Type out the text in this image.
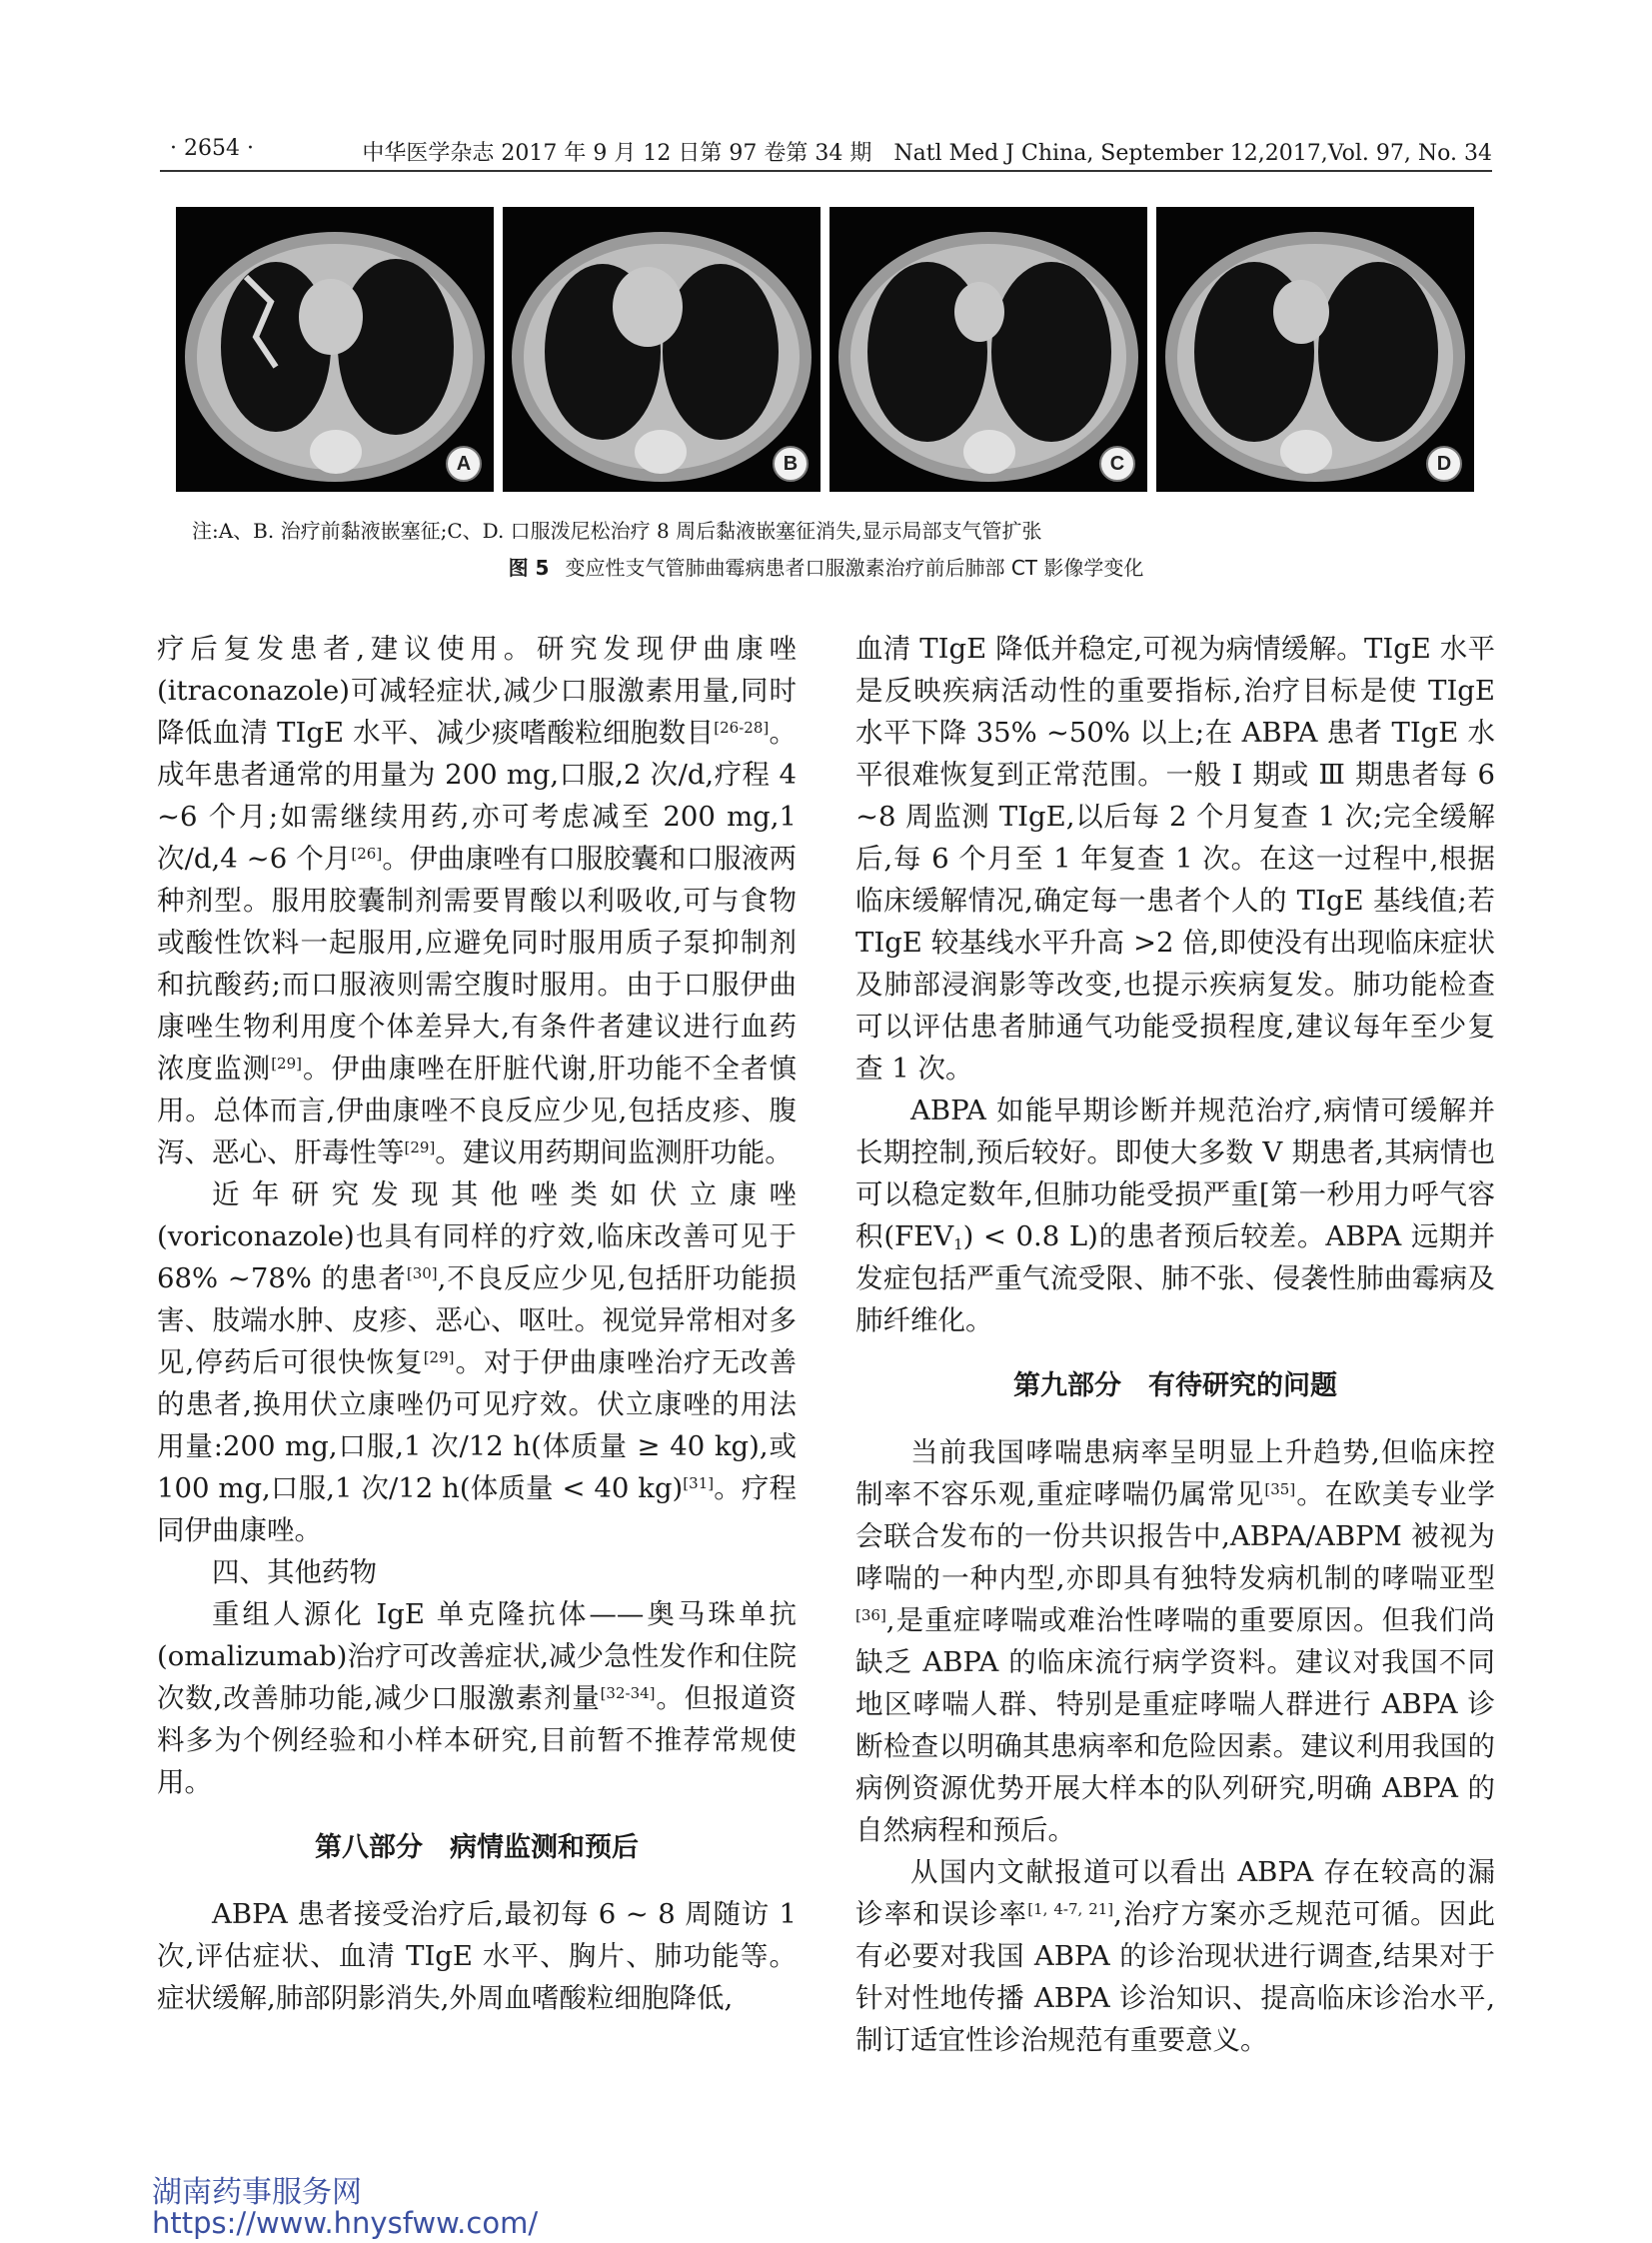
· 2654 ·	中华医学杂志 2017 年 9 月 12 日第 97 卷第 34 期　Natl Med J China, September 12,2017,Vol. 97, No. 34
A	B	C	D
注:A、B. 治疗前黏液嵌塞征;C、D. 口服泼尼松治疗 8 周后黏液嵌塞征消失,显示局部支气管扩张
图 5 变应性支气管肺曲霉病患者口服激素治疗前后肺部 CT 影像学变化

疗后复发患者,建议使用。研究发现伊曲康唑(itraconazole)可减轻症状,减少口服激素用量,同时降低血清 TIgE 水平、减少痰嗜酸粒细胞数目[26-28]。成年患者通常的用量为 200 mg,口服,2 次/d,疗程 4 ~6 个月;如需继续用药,亦可考虑减至 200 mg,1 次/d,4 ~6 个月[26]。伊曲康唑有口服胶囊和口服液两种剂型。服用胶囊制剂需要胃酸以利吸收,可与食物或酸性饮料一起服用,应避免同时服用质子泵抑制剂和抗酸药;而口服液则需空腹时服用。由于口服伊曲康唑生物利用度个体差异大,有条件者建议进行血药浓度监测[29]。伊曲康唑在肝脏代谢,肝功能不全者慎用。总体而言,伊曲康唑不良反应少见,包括皮疹、腹泻、恶心、肝毒性等[29]。建议用药期间监测肝功能。

近年研究发现其他唑类如伏立康唑(voriconazole)也具有同样的疗效,临床改善可见于 68% ~78% 的患者[30],不良反应少见,包括肝功能损害、肢端水肿、皮疹、恶心、呕吐。视觉异常相对多见,停药后可很快恢复[29]。对于伊曲康唑治疗无改善的患者,换用伏立康唑仍可见疗效。伏立康唑的用法用量:200 mg,口服,1 次/12 h(体质量 ≥ 40 kg),或 100 mg,口服,1 次/12 h(体质量 < 40 kg)[31]。疗程同伊曲康唑。

四、其他药物

重组人源化 IgE 单克隆抗体——奥马珠单抗(omalizumab)治疗可改善症状,减少急性发作和住院次数,改善肺功能,减少口服激素剂量[32-34]。但报道资料多为个例经验和小样本研究,目前暂不推荐常规使用。

第八部分　病情监测和预后

ABPA 患者接受治疗后,最初每 6 ~ 8 周随访 1 次,评估症状、血清 TIgE 水平、胸片、肺功能等。症状缓解,肺部阴影消失,外周血嗜酸粒细胞降低,

血清 TIgE 降低并稳定,可视为病情缓解。TIgE 水平是反映疾病活动性的重要指标,治疗目标是使 TIgE 水平下降 35% ~50% 以上;在 ABPA 患者 TIgE 水平很难恢复到正常范围。一般 Ⅰ 期或 Ⅲ 期患者每 6 ~8 周监测 TIgE,以后每 2 个月复查 1 次;完全缓解后,每 6 个月至 1 年复查 1 次。在这一过程中,根据临床缓解情况,确定每一患者个人的 TIgE 基线值;若 TIgE 较基线水平升高 >2 倍,即使没有出现临床症状及肺部浸润影等改变,也提示疾病复发。肺功能检查可以评估患者肺通气功能受损程度,建议每年至少复查 1 次。

ABPA 如能早期诊断并规范治疗,病情可缓解并长期控制,预后较好。即使大多数 Ⅴ 期患者,其病情也可以稳定数年,但肺功能受损严重[第一秒用力呼气容积$(FEV_1) < 0.8$ L)的患者预后较差。ABPA 远期并发症包括严重气流受限、肺不张、侵袭性肺曲霉病及肺纤维化。

第九部分　有待研究的问题

当前我国哮喘患病率呈明显上升趋势,但临床控制率不容乐观,重症哮喘仍属常见[35]。在欧美专业学会联合发布的一份共识报告中,ABPA/ABPM 被视为哮喘的一种内型,亦即具有独特发病机制的哮喘亚型[36],是重症哮喘或难治性哮喘的重要原因。但我们尚缺乏 ABPA 的临床流行病学资料。建议对我国不同地区哮喘人群、特别是重症哮喘人群进行 ABPA 诊断检查以明确其患病率和危险因素。建议利用我国的病例资源优势开展大样本的队列研究,明确 ABPA 的自然病程和预后。

从国内文献报道可以看出 ABPA 存在较高的漏诊率和误诊率[1, 4-7, 21],治疗方案亦乏规范可循。因此有必要对我国 ABPA 的诊治现状进行调查,结果对于针对性地传播 ABPA 诊治知识、提高临床诊治水平,制订适宜性诊治规范有重要意义。

湖南药事服务网
https://www.hnysfww.com/
